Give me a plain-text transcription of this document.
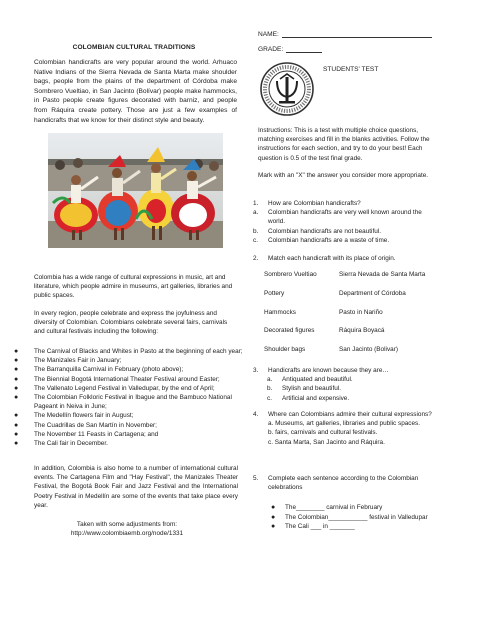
COLOMBIAN CULTURAL TRADITIONS
Colombian handicrafts are very popular around the world. Arhuaco Native Indians of the Sierra Nevada de Santa Marta make shoulder bags, people from the plains of the department of Córdoba make Sombrero Vueltiao, in San Jacinto (Bolívar) people make hammocks, in Pasto people create figures decorated with barniz, and people from Ráquira create pottery. Those are just a few examples of handicrafts that we know for their distinct style and beauty.
Colombia has a wide range of cultural expressions in music, art and literature, which people admire in museums, art galleries, libraries and public spaces.
In every region, people celebrate and express the joyfulness and diversity of Colombian. Colombians celebrate several fairs, carnivals and cultural festivals including the following:
● The Carnival of Blacks and Whites in Pasto at the beginning of each year;
● The Manizales Fair in January;
● The Barranquilla Carnival in February (photo above);
● The Biennial Bogotá International Theater Festival around Easter;
● The Vallenato Legend Festival in Valledupar, by the end of April;
● The Colombian Folkloric Festival in Ibague and the Bambuco National Pageant in Neiva in June;
● The Medellín flowers fair in August;
● The Cuadrillas de San Martín in November;
● The November 11 Feasts in Cartagena; and
● The Cali fair in December.
In addition, Colombia is also home to a number of international cultural events. The Cartagena Film and "Hay Festival", the Manizales Theater Festival, the Bogotá Book Fair and Jazz Festival and the International Poetry Festival in Medellín are some of the events that take place every year.
Taken with some adjustments from:
http://www.colombiaemb.org/node/1331
NAME:
GRADE:
STUDENTS' TEST
Instructions: This is a test with multiple choice questions, matching exercises and fill in the blanks activities. Follow the instructions for each section, and try to do your best! Each question is 0.5 of the test final grade.
Mark with an "X" the answer you consider more appropriate.
1.	How are Colombian handicrafts?
a.	Colombian handicrafts are very well known around the world.
b.	Colombian handicrafts are not beautiful.
c.	Colombian handicrafts are a waste of time.
2.	Match each handicraft with its place of origin.
Sombrero Vueltiao	Sierra Nevada de Santa Marta
Pottery	Department of Córdoba
Hammocks	Pasto in Nariño
Decorated figures	Ráquira Boyacá
Shoulder bags	San Jacinto (Bolivar)
3.	Handicrafts are known because they are…
a.	Antiquated and beautiful.
b.	Stylish and beautiful.
c.	Artificial and expensive.
4.	Where can Colombians admire their cultural expressions?
a. Museums, art galleries, libraries and public spaces.
b. fairs, carnivals and cultural festivals.
c. Santa Marta, San Jacinto and Ráquira.
5.	Complete each sentence according to the Colombian celebrations
●	The________ carnival in February
●	The Colombian___________ festival in Valledupar
●	The Cali ___ in _______
